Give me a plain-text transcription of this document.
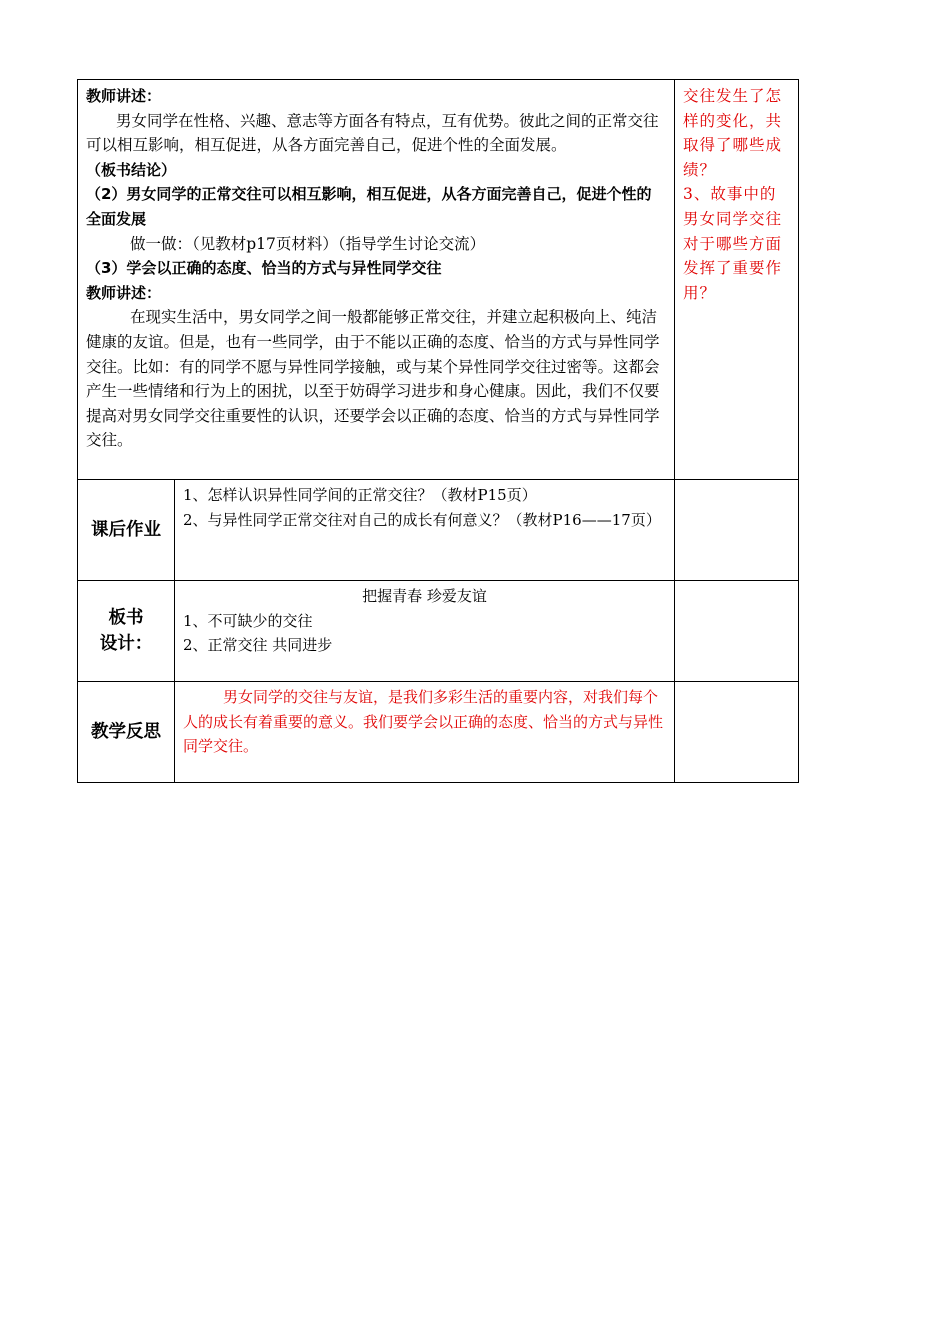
教师讲述：

男女同学在性格、兴趣、意志等方面各有特点，互有优势。彼此之间的正常交往可以相互影响，相互促进，从各方面完善自己，促进个性的全面发展。

（板书结论）

（2）男女同学的正常交往可以相互影响，相互促进，从各方面完善自己，促进个性的全面发展

做一做：（见教材p17页材料）（指导学生讨论交流）

（3）学会以正确的态度、恰当的方式与异性同学交往

教师讲述：

在现实生活中，男女同学之间一般都能够正常交往，并建立起积极向上、纯洁健康的友谊。但是，也有一些同学，由于不能以正确的态度、恰当的方式与异性同学交往。比如：有的同学不愿与异性同学接触，或与某个异性同学交往过密等。这都会产生一些情绪和行为上的困扰，以至于妨碍学习进步和身心健康。因此，我们不仅要提高对男女同学交往重要性的认识，还要学会以正确的态度、恰当的方式与异性同学交往。

交往发生了怎样的变化，共取得了哪些成绩？

3、故事中的男女同学交往对于哪些方面发挥了重要作用？

课后作业

1、怎样认识异性同学间的正常交往？（教材P15页）

2、与异性同学正常交往对自己的成长有何意义？（教材P16——17页）

板书
设计：

把握青春 珍爱友谊

1、不可缺少的交往

2、正常交往 共同进步

教学反思

男女同学的交往与友谊，是我们多彩生活的重要内容，对我们每个人的成长有着重要的意义。我们要学会以正确的态度、恰当的方式与异性同学交往。
